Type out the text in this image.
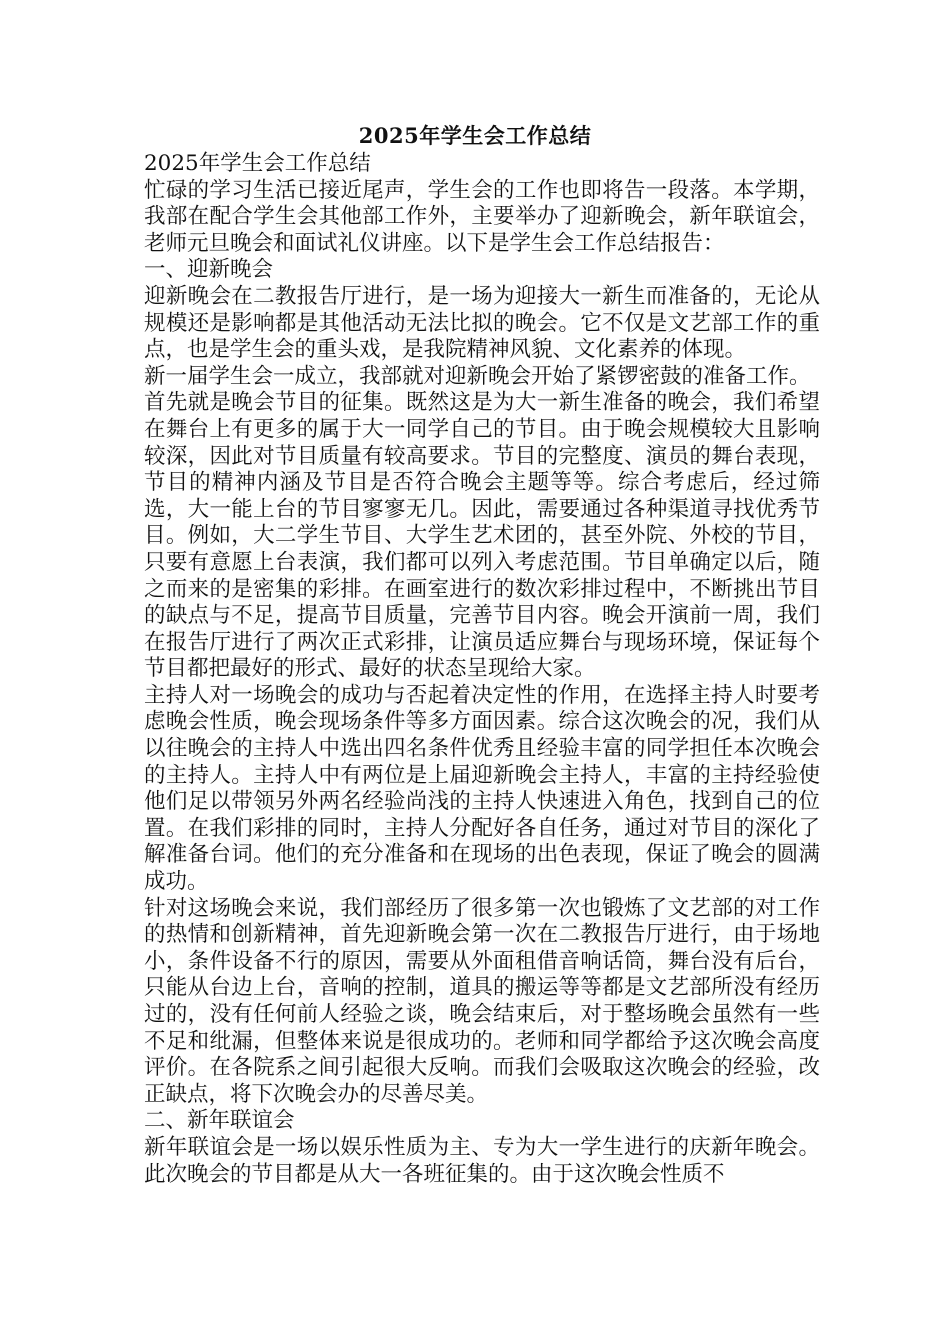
2025年学生会工作总结

2025年学生会工作总结

忙碌的学习生活已接近尾声，学生会的工作也即将告一段落。本学期，我部在配合学生会其他部工作外，主要举办了迎新晚会，新年联谊会，老师元旦晚会和面试礼仪讲座。以下是学生会工作总结报告：

一、迎新晚会

迎新晚会在二教报告厅进行，是一场为迎接大一新生而准备的，无论从规模还是影响都是其他活动无法比拟的晚会。它不仅是文艺部工作的重点，也是学生会的重头戏，是我院精神风貌、文化素养的体现。

新一届学生会一成立，我部就对迎新晚会开始了紧锣密鼓的准备工作。

首先就是晚会节目的征集。既然这是为大一新生准备的晚会，我们希望在舞台上有更多的属于大一同学自己的节目。由于晚会规模较大且影响较深，因此对节目质量有较高要求。节目的完整度、演员的舞台表现，节目的精神内涵及节目是否符合晚会主题等等。综合考虑后，经过筛选，大一能上台的节目寥寥无几。因此，需要通过各种渠道寻找优秀节目。例如，大二学生节目、大学生艺术团的，甚至外院、外校的节目，只要有意愿上台表演，我们都可以列入考虑范围。节目单确定以后，随之而来的是密集的彩排。在画室进行的数次彩排过程中，不断挑出节目的缺点与不足，提高节目质量，完善节目内容。晚会开演前一周，我们在报告厅进行了两次正式彩排，让演员适应舞台与现场环境，保证每个节目都把最好的形式、最好的状态呈现给大家。

主持人对一场晚会的成功与否起着决定性的作用，在选择主持人时要考虑晚会性质，晚会现场条件等多方面因素。综合这次晚会的况，我们从以往晚会的主持人中选出四名条件优秀且经验丰富的同学担任本次晚会的主持人。主持人中有两位是上届迎新晚会主持人，丰富的主持经验使他们足以带领另外两名经验尚浅的主持人快速进入角色，找到自己的位置。在我们彩排的同时，主持人分配好各自任务，通过对节目的深化了解准备台词。他们的充分准备和在现场的出色表现，保证了晚会的圆满成功。

针对这场晚会来说，我们部经历了很多第一次也锻炼了文艺部的对工作的热情和创新精神，首先迎新晚会第一次在二教报告厅进行，由于场地小，条件设备不行的原因，需要从外面租借音响话筒，舞台没有后台，只能从台边上台，音响的控制，道具的搬运等等都是文艺部所没有经历过的，没有任何前人经验之谈，晚会结束后，对于整场晚会虽然有一些不足和纰漏，但整体来说是很成功的。老师和同学都给予这次晚会高度评价。在各院系之间引起很大反响。而我们会吸取这次晚会的经验，改正缺点，将下次晚会办的尽善尽美。

二、新年联谊会

新年联谊会是一场以娱乐性质为主、专为大一学生进行的庆新年晚会。此次晚会的节目都是从大一各班征集的。由于这次晚会性质不
